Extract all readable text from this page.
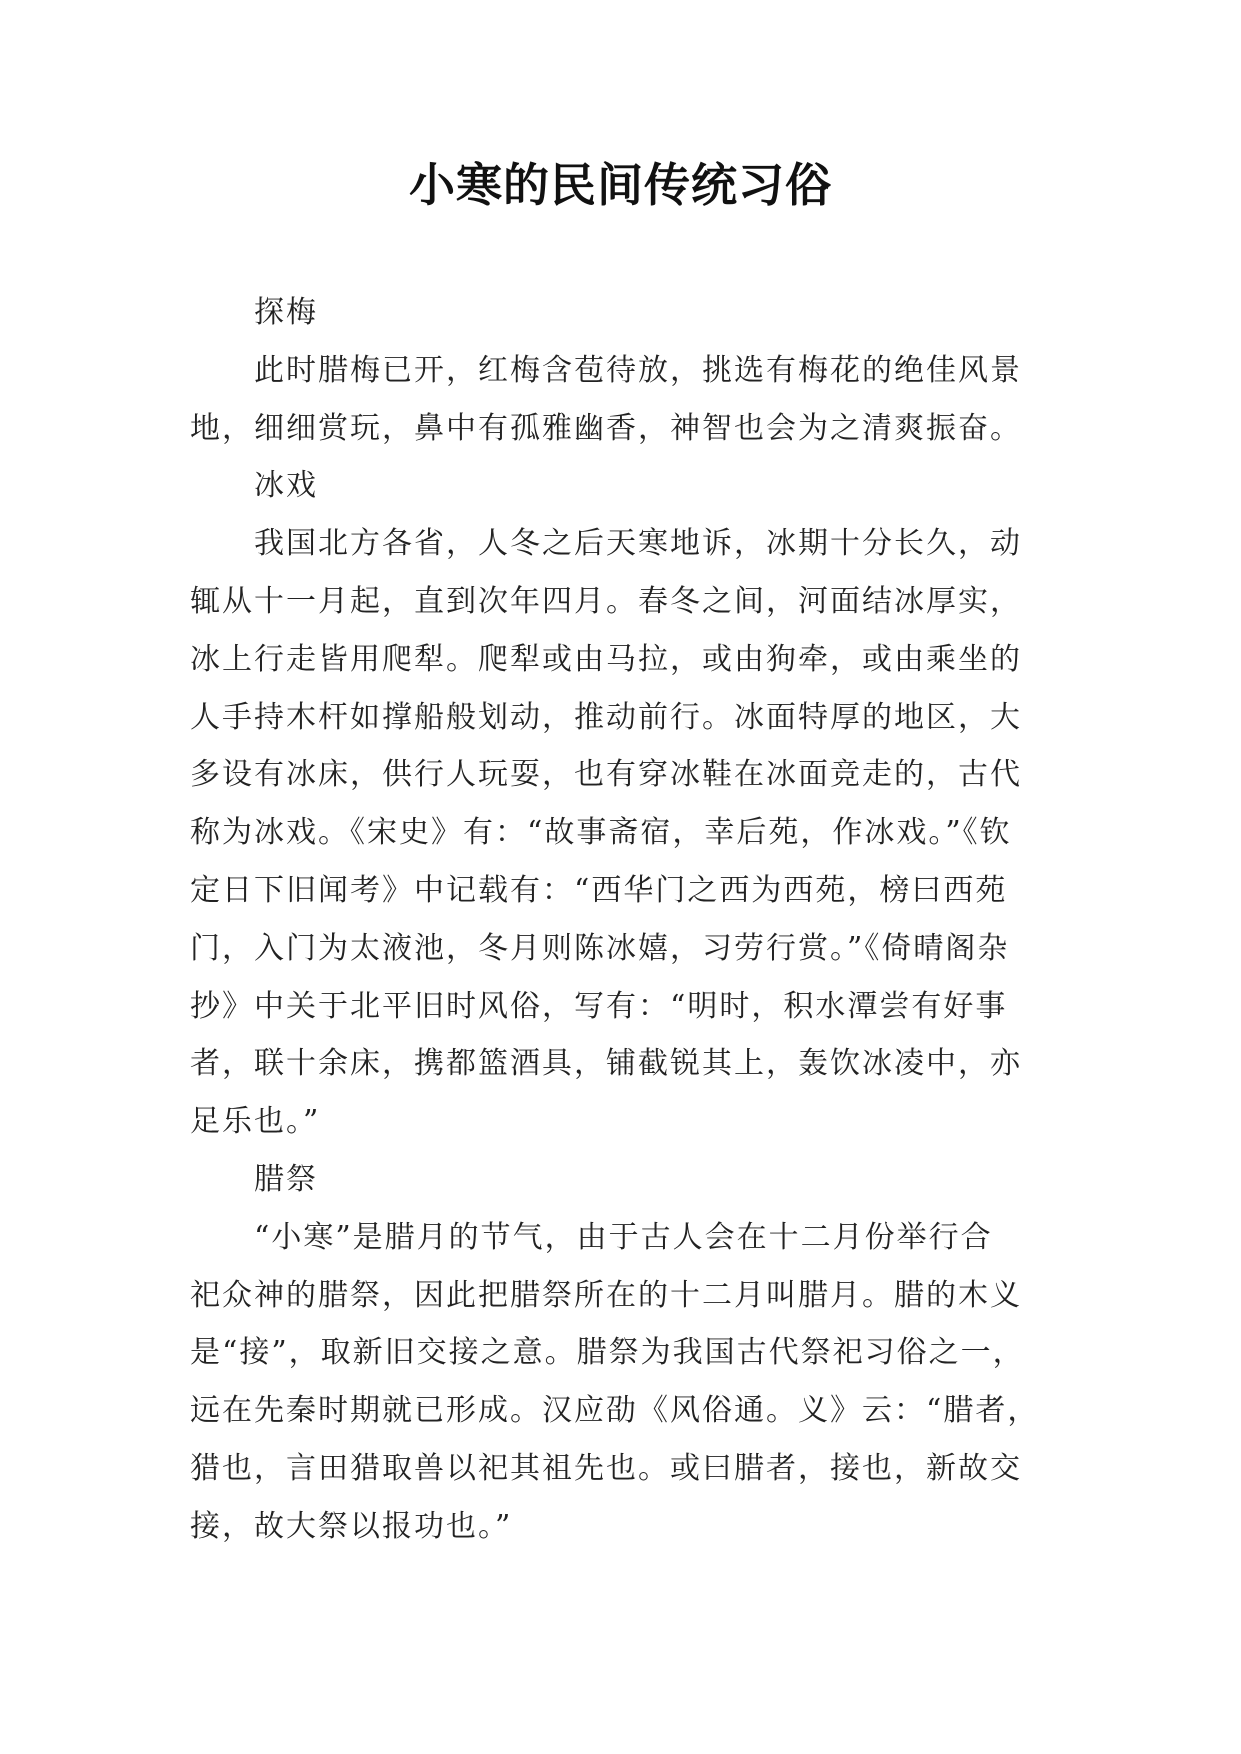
小寒的民间传统习俗
探梅
此时腊梅已开，红梅含苞待放，挑选有梅花的绝佳风景
地，细细赏玩，鼻中有孤雅幽香，神智也会为之清爽振奋。
冰戏
我国北方各省，人冬之后天寒地诉，冰期十分长久，动
辄从十一月起，直到次年四月。春冬之间，河面结冰厚实，
冰上行走皆用爬犁。爬犁或由马拉，或由狗牵，或由乘坐的
人手持木杆如撑船般划动，推动前行。冰面特厚的地区，大
多设有冰床，供行人玩耍，也有穿冰鞋在冰面竞走的，古代
称为冰戏。《宋史》有：“故事斋宿，幸后苑，作冰戏。”《钦
定日下旧闻考》中记载有：“西华门之西为西苑，榜曰西苑
门，入门为太液池，冬月则陈冰嬉，习劳行赏。”《倚晴阁杂
抄》中关于北平旧时风俗，写有：“明时，积水潭尝有好事
者，联十余床，携都篮酒具，铺截锐其上，轰饮冰凌中，亦
足乐也。”
腊祭
“小寒”是腊月的节气，由于古人会在十二月份举行合
祀众神的腊祭，因此把腊祭所在的十二月叫腊月。腊的木义
是“接”，取新旧交接之意。腊祭为我国古代祭祀习俗之一，
远在先秦时期就已形成。汉应劭《风俗通。义》云：“腊者，
猎也，言田猎取兽以祀其祖先也。或曰腊者，接也，新故交
接，故大祭以报功也。”
